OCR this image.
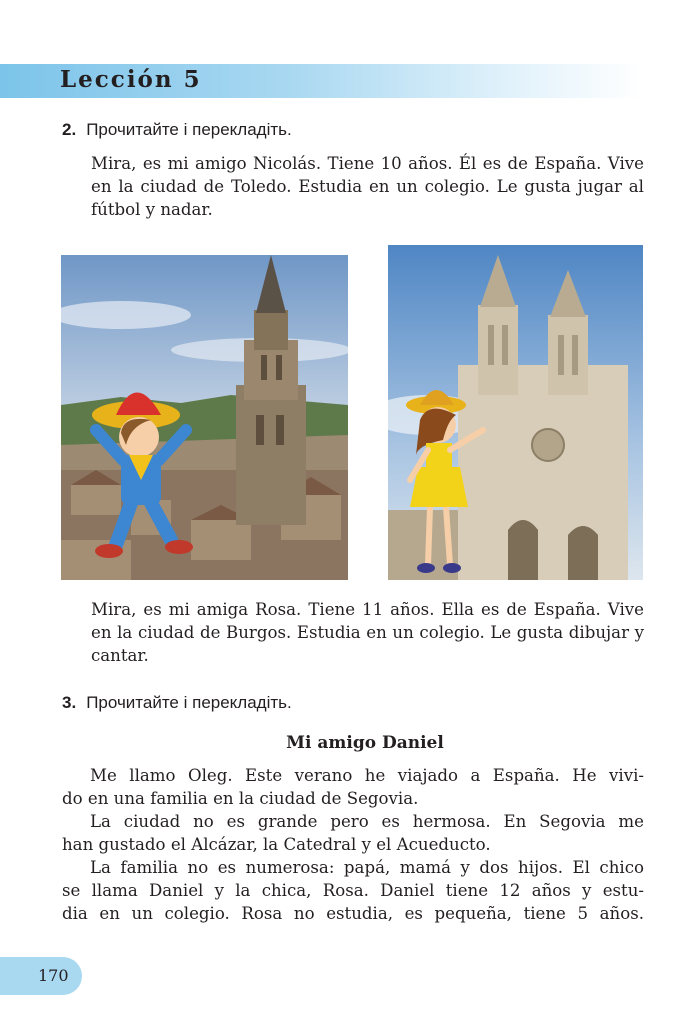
Lección 5
2. Прочитайте і перекладіть.

Mira, es mi amigo Nicolás. Tiene 10 años. Él es de España. Vive en la ciudad de Toledo. Estudia en un colegio. Le gusta jugar al fútbol y nadar.

Mira, es mi amiga Rosa. Tiene 11 años. Ella es de España. Vive en la ciudad de Burgos. Estudia en un colegio. Le gusta dibujar y cantar.

3. Прочитайте і перекладіть.
Mi amigo Daniel
Me llamo Oleg. Este verano he viajado a España. He vivi-
do en una familia en la ciudad de Segovia.
La ciudad no es grande pero es hermosa. En Segovia me
han gustado el Alcázar, la Catedral y el Acueducto.
La familia no es numerosa: papá, mamá y dos hijos. El chico
se llama Daniel y la chica, Rosa. Daniel tiene 12 años y estu-
dia en un colegio. Rosa no estudia, es pequeña, tiene 5 años.
170
